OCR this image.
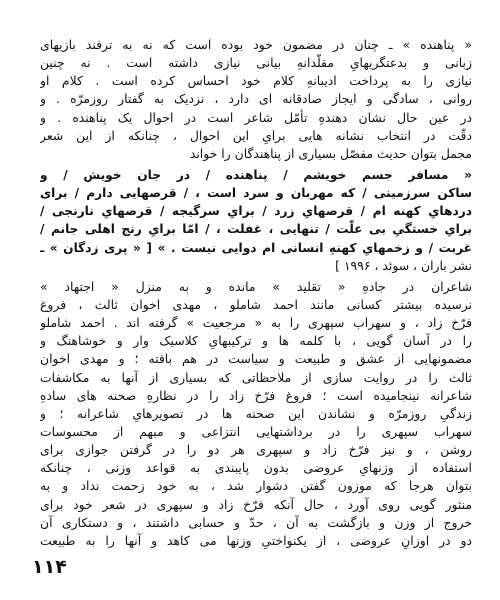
« پناهنده » ـ چنان در مضمون خود بوده است که نه به ترفند بازیهای
زبانی و بدعتگریهایِ مقلّدانهِ بیانی نیازی داشته است . نه چنین
نیازی را به پرداخت ادیبانهِ کلام خود احساس کرده است . کلام او
روانی ، سادگی و ایجاز صادقانه ای دارد ، نزدیک به گفتار روزمرّه . و
در عین حال نشان دهندهِ تأمّل شاعر است در احوال یک پناهنده . و
دقّت در انتخاب نشانه هایی برایِ این احوال ، چنانکه از این شعر
مجمل بتوان حدیث مفصّل بسیاری از پناهندگان را خواند
« مسافر جسم خویشم / پناهنده / در جان خویش / و
ساکن سرزمینی / که مهربان و سرد است ، / قرصهایی دارم / برای
دردهایِ کهنه ام / قرصهایِ زرد / برایِ سرگیجه / قرصهایِ نارنجی /
برایِ خستگیِ بی علّت / تنهایی ، غفلت ، / امّا برایِ رنج اهلی جانم /
غربت / و زخمهایِ کهنهِ انسانی ام دوایی نیست . » [ « پری زدگان » ـ
نشر باران ، سوئد ، ۱۹۹۶ ]
شاعران در جادهِ « تقلید » مانده و به منزل « اجتهاد »
نرسیده بیشتر کسانی مانند احمد شاملو ، مهدی اخوان ثالث ، فروغ
فرّخ زاد ، و سهراب سپهری را به « مرجعیت » گرفته اند . احمد شاملو
را در آسان گویی ، با کلمه ها و ترکیبهایِ کلاسیک وار و خوشاهنگ و
مضمونهایی از عشق و طبیعت و سیاست در هم بافته ؛ و مهدی اخوان
ثالث را در روایت سازی از ملاحظاتی که بسیاری از آنها به مکاشفات
شاعرانه نینجامیده است ؛ فروغ فرّخ زاد را در نظارهِ صحنه های سادهِ
زندگیِ روزمرّه و نشاندن این صحنه ها در تصویرهایِ شاعرانه ؛ و
سهراب سپهری را در برداشتهایی انتزاعی و مبهم از محسوسات
روشن ، و نیز فرّخ زاد و سپهری هر دو را در گرفتن جوازی برای
استفاده از وزنهایِ عروضی بدون پایبندی به قواعد وزنی ، چنانکه
بتوان هرجا که موزون گفتن دشوار شد ، به خود زحمت نداد و به
منثور گویی روی آورد ، حال آنکه فرّخ زاد و سپهری در شعر خود برای
خروج از وزن و بازگشت به آن ، حدّ و حسابی داشتند ، و دستکاری آن
دو در اوزانِ عروضی ، از یکنواختیِ وزنها می کاهد و آنها را به طبیعت
۱۱۴
